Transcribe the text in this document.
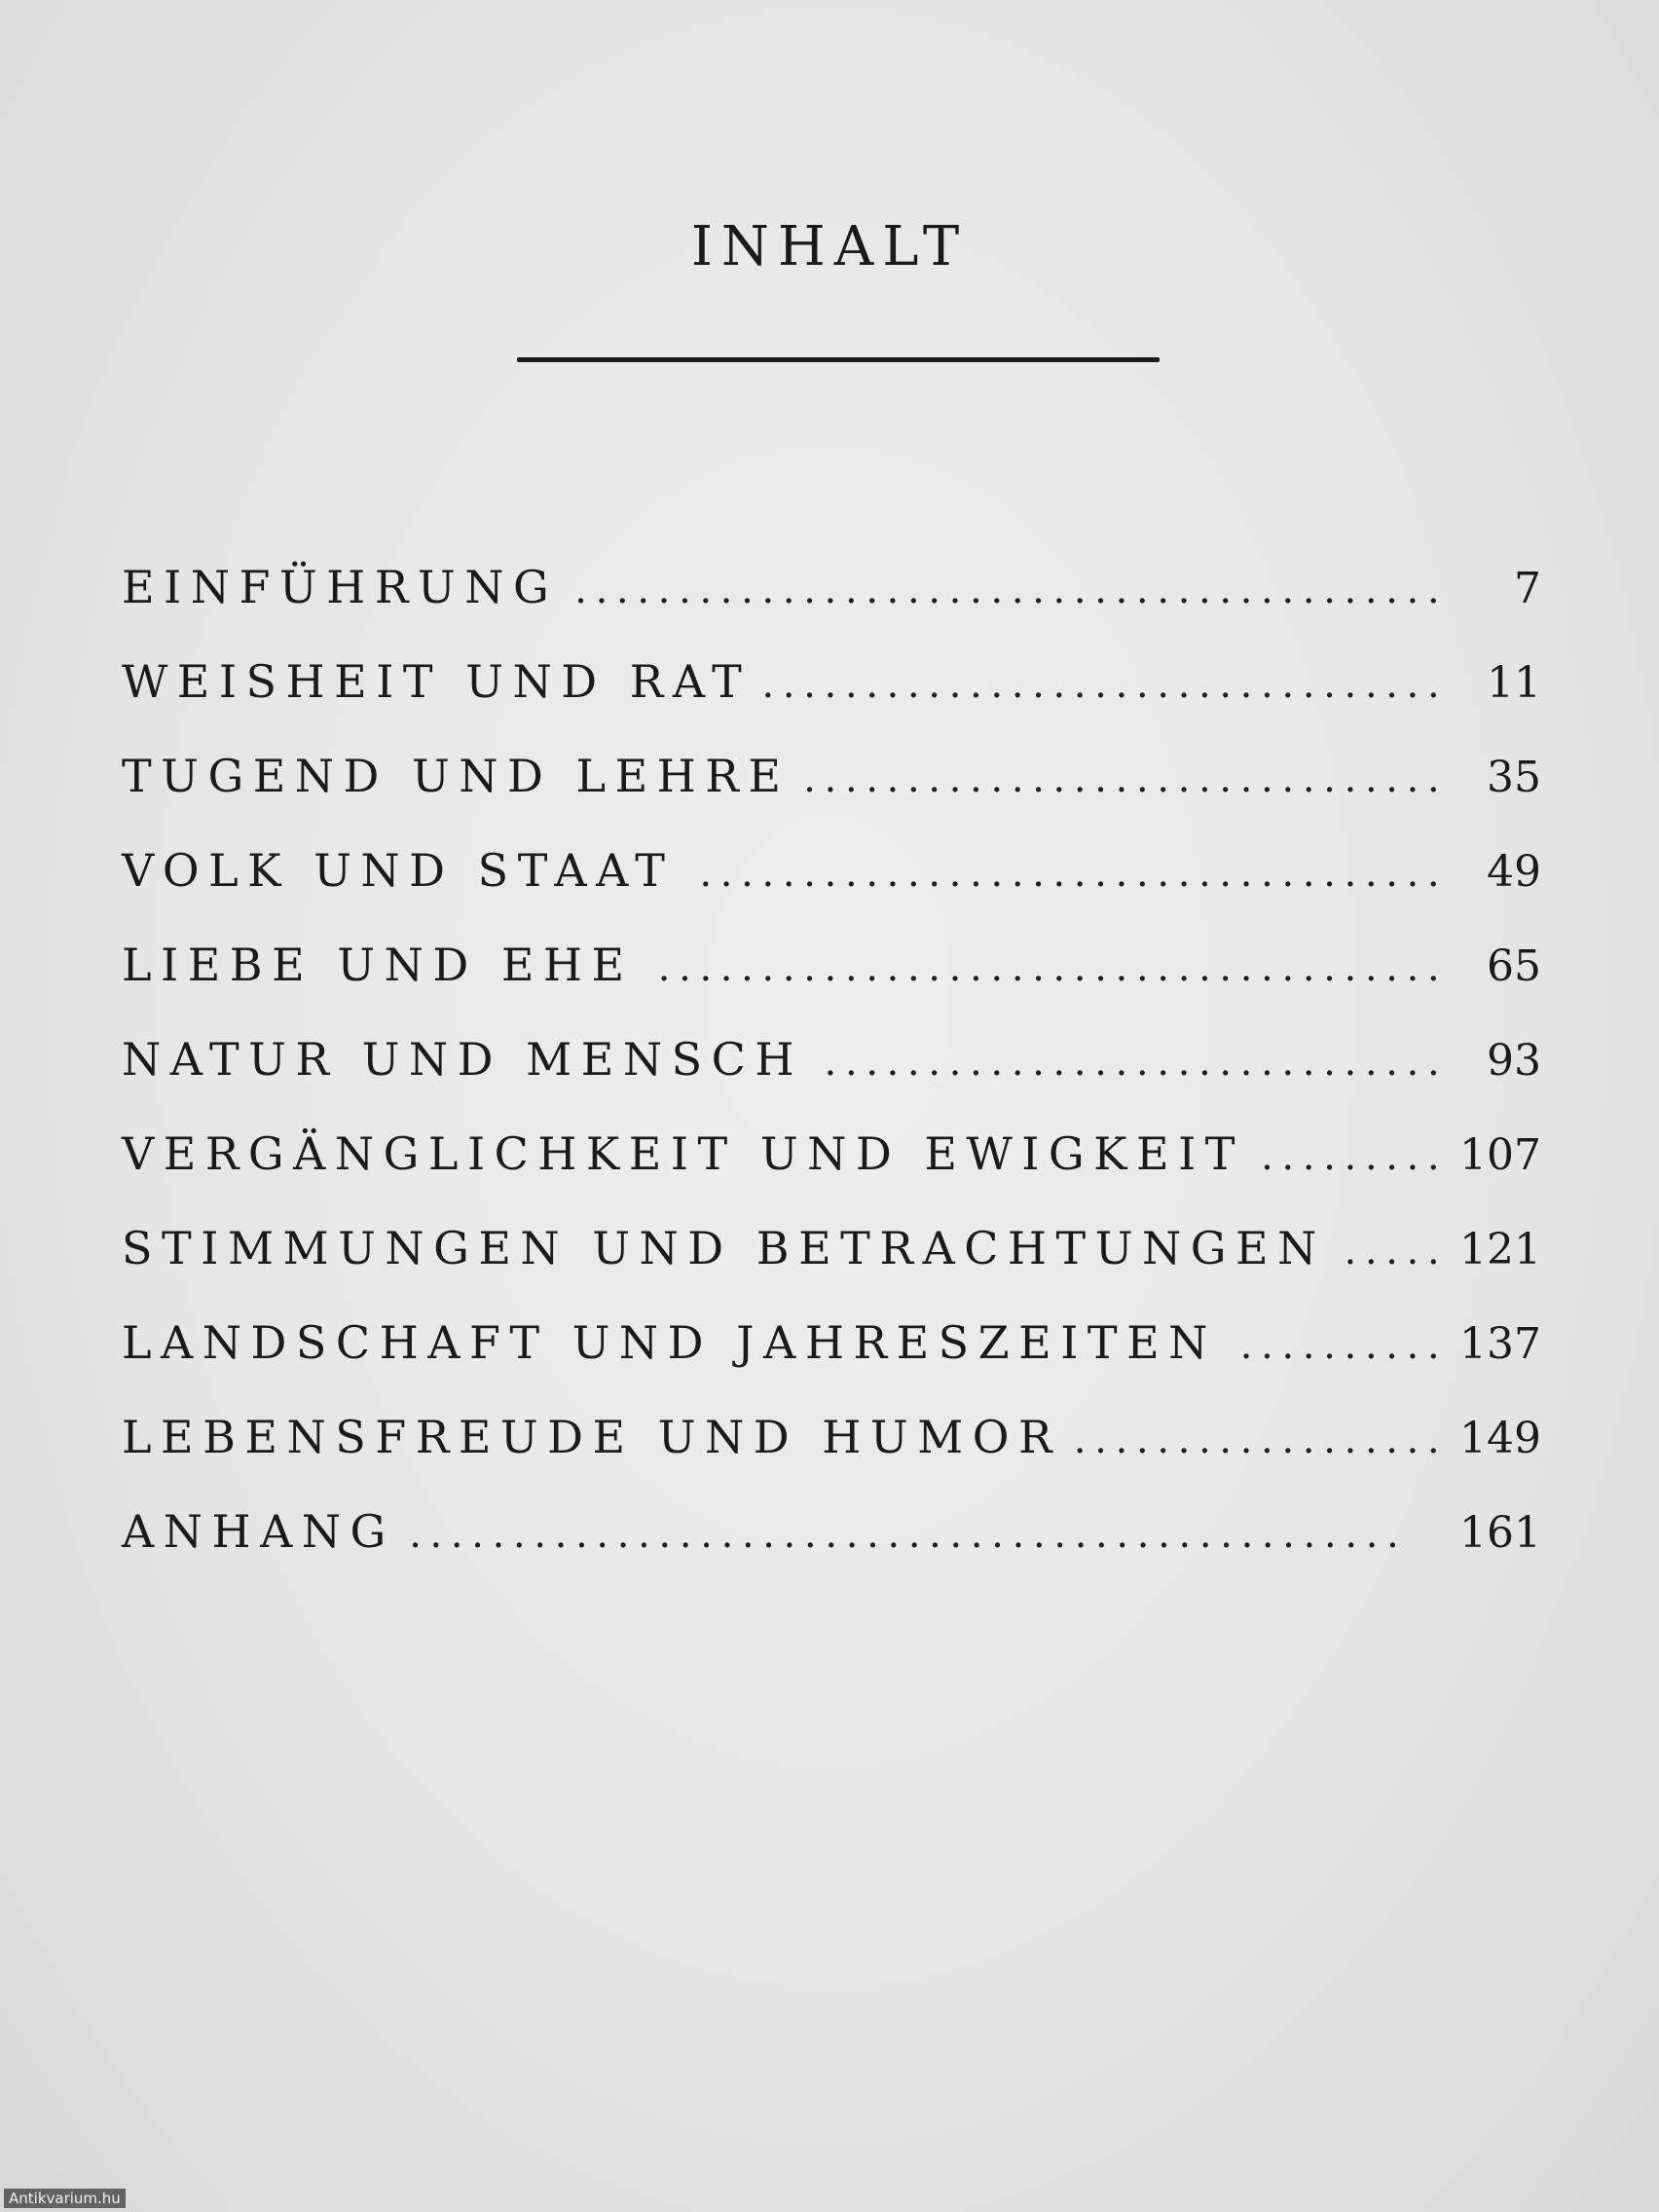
INHALT
EINFÜHRUNG ․․․․․․․․․․․․․․․․․․․․․․․․․․․․․․․․․․․․․․․․․․․․․․․․	7
WEISHEIT UND RAT ․․․․․․․․․․․․․․․․․․․․․․․․․․․․․․․․․․․․․․․․․․․․․․․․	11
TUGEND UND LEHRE ․․․․․․․․․․․․․․․․․․․․․․․․․․․․․․․․․․․․․․․․․․․․․․․․	35
VOLK UND STAAT ․․․․․․․․․․․․․․․․․․․․․․․․․․․․․․․․․․․․․․․․․․․․․․․․	49
LIEBE UND EHE ․․․․․․․․․․․․․․․․․․․․․․․․․․․․․․․․․․․․․․․․․․․․․․․․	65
NATUR UND MENSCH ․․․․․․․․․․․․․․․․․․․․․․․․․․․․․․․․․․․․․․․․․․․․․․․․	93
VERGÄNGLICHKEIT UND EWIGKEIT ․․․․․․․․․․․․․․․․․․․․․․․․․․․․․․․․․․․․․․․․․․․․․․․․	107
STIMMUNGEN UND BETRACHTUNGEN ․․․․․․․․․․․․․․․․․․․․․․․․․․․․․․․․․․․․․․․․․․․․․․․․	121
LANDSCHAFT UND JAHRESZEITEN ․․․․․․․․․․․․․․․․․․․․․․․․․․․․․․․․․․․․․․․․․․․․․․․․	137
LEBENSFREUDE UND HUMOR ․․․․․․․․․․․․․․․․․․․․․․․․․․․․․․․․․․․․․․․․․․․․․․․․	149
ANHANG ․․․․․․․․․․․․․․․․․․․․․․․․․․․․․․․․․․․․․․․․․․․․․․․․	161
Antikvarium.hu
